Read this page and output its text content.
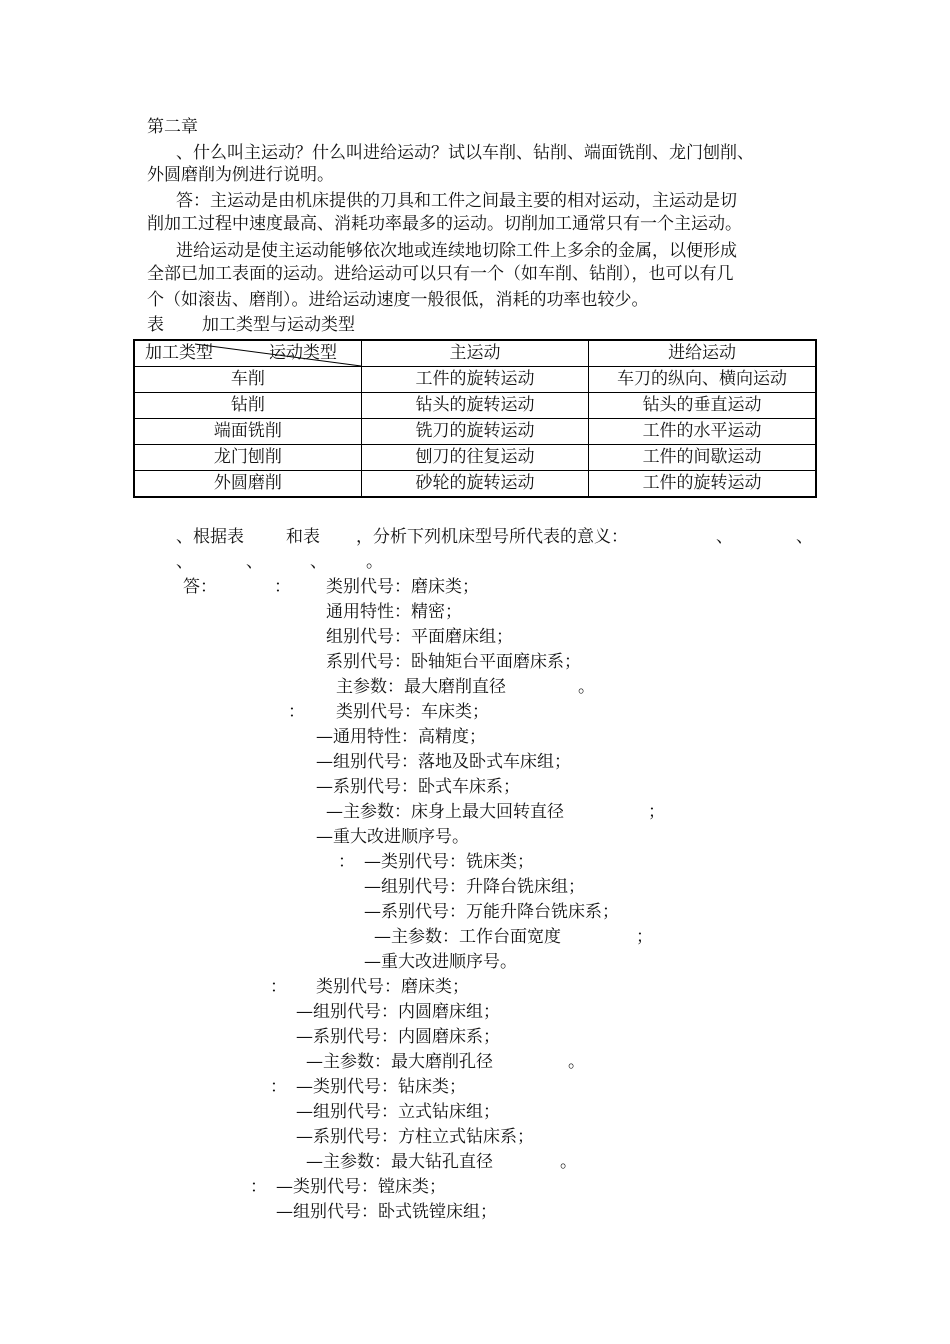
第二章
、什么叫主运动？什么叫进给运动？试以车削、钻削、端面铣削、龙门刨削、
外圆磨削为例进行说明。
答：主运动是由机床提供的刀具和工件之间最主要的相对运动，主运动是切
削加工过程中速度最高、消耗功率最多的运动。切削加工通常只有一个主运动。
进给运动是使主运动能够依次地或连续地切除工件上多余的金属，以便形成
全部已加工表面的运动。进给运动可以只有一个（如车削、钻削），也可以有几
个（如滚齿、磨削）。进给运动速度一般很低，消耗的功率也较少。
表 加工类型与运动类型
加工类型 运动类型	主运动	进给运动
车削	工件的旋转运动	车刀的纵向、横向运动
钻削	钻头的旋转运动	钻头的垂直运动
端面铣削	铣刀的旋转运动	工件的水平运动
龙门刨削	刨刀的往复运动	工件的间歇运动
外圆磨削	砂轮的旋转运动	工件的旋转运动
、根据表 和表 ，分析下列机床型号所代表的意义：	、	、
、	、	、 。
答：	： 类别代号：磨床类；
通用特性：精密；
组别代号：平面磨床组；
系别代号：卧轴矩台平面磨床系；
主参数：最大磨削直径	。
： 类别代号：车床类；
—通用特性：高精度；
—组别代号：落地及卧式车床组；
—系别代号：卧式车床系；
—主参数：床身上最大回转直径	；
—重大改进顺序号。
： —类别代号：铣床类；
—组别代号：升降台铣床组；
—系别代号：万能升降台铣床系；
—主参数：工作台面宽度	；
—重大改进顺序号。
： 类别代号：磨床类；
—组别代号：内圆磨床组；
—系别代号：内圆磨床系；
—主参数：最大磨削孔径	。
： —类别代号：钻床类；
—组别代号：立式钻床组；
—系别代号：方柱立式钻床系；
—主参数：最大钻孔直径	。
： —类别代号：镗床类；
—组别代号：卧式铣镗床组；
